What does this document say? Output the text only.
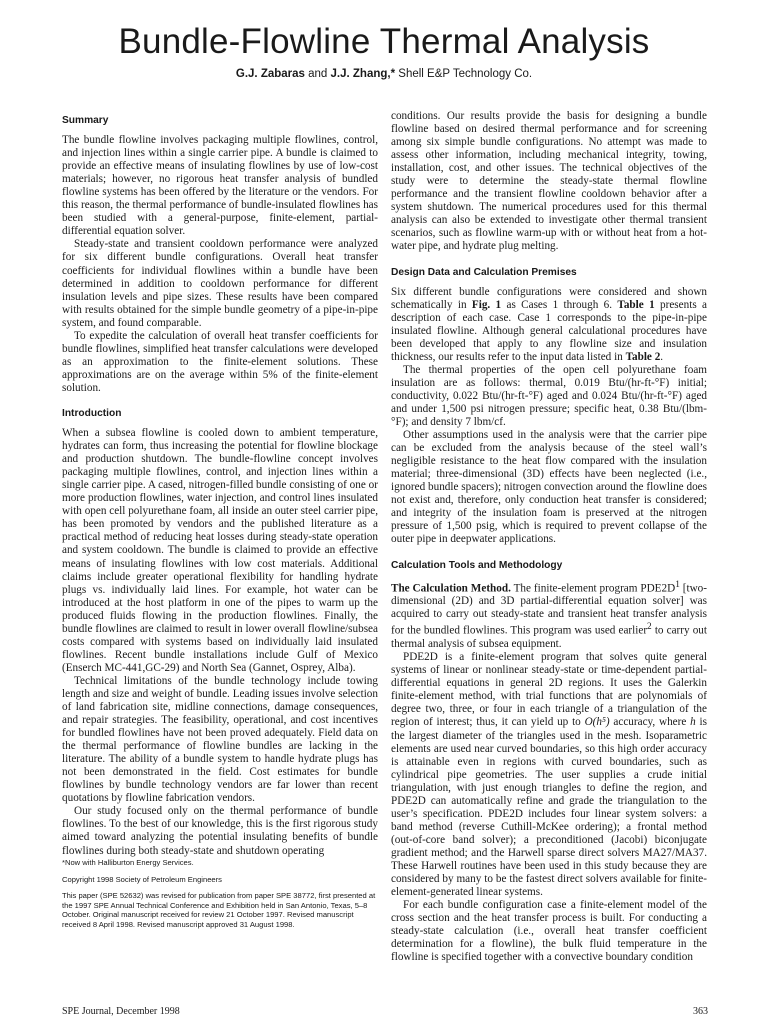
Bundle-Flowline Thermal Analysis
G.J. Zabaras and J.J. Zhang,* Shell E&P Technology Co.
Summary

The bundle flowline involves packaging multiple flowlines, control, and injection lines within a single carrier pipe. A bundle is claimed to provide an effective means of insulating flowlines by use of low-cost materials; however, no rigorous heat transfer analysis of bundled flowline systems has been offered by the literature or the vendors. For this reason, the thermal performance of bundle-insulated flowlines has been studied with a general-purpose, finite-element, partial-differential equation solver.

Steady-state and transient cooldown performance were analyzed for six different bundle configurations. Overall heat transfer coefficients for individual flowlines within a bundle have been determined in addition to cooldown performance for different insulation levels and pipe sizes. These results have been compared with results obtained for the simple bundle geometry of a pipe-in-pipe system, and found comparable.

To expedite the calculation of overall heat transfer coefficients for bundle flowlines, simplified heat transfer calculations were developed as an approximation to the finite-element solutions. These approximations are on the average within 5% of the finite-element solution.

Introduction

When a subsea flowline is cooled down to ambient temperature, hydrates can form, thus increasing the potential for flowline blockage and production shutdown. The bundle-flowline concept involves packaging multiple flowlines, control, and injection lines within a single carrier pipe. A cased, nitrogen-filled bundle consisting of one or more production flowlines, water injection, and control lines insulated with open cell polyurethane foam, all inside an outer steel carrier pipe, has been promoted by vendors and the published literature as a practical method of reducing heat losses during steady-state operation and system cooldown. The bundle is claimed to provide an effective means of insulating flowlines with low cost materials. Additional claims include greater operational flexibility for handling hydrate plugs vs. individually laid lines. For example, hot water can be introduced at the host platform in one of the pipes to warm up the produced fluids flowing in the production flowlines. Finally, the bundle flowlines are claimed to result in lower overall flowline/subsea costs compared with systems based on individually laid insulated flowlines. Recent bundle installations include Gulf of Mexico (Enserch MC-441,GC-29) and North Sea (Gannet, Osprey, Alba).

Technical limitations of the bundle technology include towing length and size and weight of bundle. Leading issues involve selection of land fabrication site, midline connections, damage consequences, and repair strategies. The feasibility, operational, and cost incentives for bundled flowlines have not been proved adequately. Field data on the thermal performance of flowline bundles are lacking in the literature. The ability of a bundle system to handle hydrate plugs has not been demonstrated in the field. Cost estimates for bundle flowlines by bundle technology vendors are far lower than recent quotations by flowline fabrication vendors.

Our study focused only on the thermal performance of bundle flowlines. To the best of our knowledge, this is the first rigorous study aimed toward analyzing the potential insulating benefits of bundle flowlines during both steady-state and shutdown operating

*Now with Halliburton Energy Services.

Copyright 1998 Society of Petroleum Engineers

This paper (SPE 52632) was revised for publication from paper SPE 38772, first presented at the 1997 SPE Annual Technical Conference and Exhibition held in San Antonio, Texas, 5–8 October. Original manuscript received for review 21 October 1997. Revised manuscript received 8 April 1998. Revised manuscript approved 31 August 1998.

conditions. Our results provide the basis for designing a bundle flowline based on desired thermal performance and for screening among six simple bundle configurations. No attempt was made to assess other information, including mechanical integrity, towing, installation, cost, and other issues. The technical objectives of the study were to determine the steady-state thermal flowline performance and the transient flowline cooldown behavior after a system shutdown. The numerical procedures used for this thermal analysis can also be extended to investigate other thermal transient scenarios, such as flowline warm-up with or without heat from a hot-water pipe, and hydrate plug melting.

Design Data and Calculation Premises

Six different bundle configurations were considered and shown schematically in Fig. 1 as Cases 1 through 6. Table 1 presents a description of each case. Case 1 corresponds to the pipe-in-pipe insulated flowline. Although general calculational procedures have been developed that apply to any flowline size and insulation thickness, our results refer to the input data listed in Table 2.

The thermal properties of the open cell polyurethane foam insulation are as follows: thermal, 0.019 Btu/(hr-ft-°F) initial; conductivity, 0.022 Btu/(hr-ft-°F) aged and 0.024 Btu/(hr-ft-°F) aged and under 1,500 psi nitrogen pressure; specific heat, 0.38 Btu/(lbm-°F); and density 7 lbm/cf.

Other assumptions used in the analysis were that the carrier pipe can be excluded from the analysis because of the steel wall’s negligible resistance to the heat flow compared with the insulation material; three-dimensional (3D) effects have been neglected (i.e., ignored bundle spacers); nitrogen convection around the flowline does not exist and, therefore, only conduction heat transfer is considered; and integrity of the insulation foam is preserved at the nitrogen pressure of 1,500 psig, which is required to prevent collapse of the outer pipe in deepwater applications.

Calculation Tools and Methodology

The Calculation Method. The finite-element program $PDE2D^1$ [two-dimensional (2D) and 3D partial-differential equation solver] was acquired to carry out steady-state and transient heat transfer analysis for the bundled flowlines. This program was used earlier$^2$ to carry out thermal analysis of subsea equipment.

PDE2D is a finite-element program that solves quite general systems of linear or nonlinear steady-state or time-dependent partial-differential equations in general 2D regions. It uses the Galerkin finite-element method, with trial functions that are polynomials of degree two, three, or four in each triangle of a triangulation of the region of interest; thus, it can yield up to O(h⁵) accuracy, where h is the largest diameter of the triangles used in the mesh. Isoparametric elements are used near curved boundaries, so this high order accuracy is attainable even in regions with curved boundaries, such as cylindrical pipe geometries. The user supplies a crude initial triangulation, with just enough triangles to define the region, and PDE2D can automatically refine and grade the triangulation to the user’s specification. PDE2D includes four linear system solvers: a band method (reverse Cuthill-McKee ordering); a frontal method (out-of-core band solver); a preconditioned (Jacobi) biconjugate gradient method; and the Harwell sparse direct solvers MA27/MA37. These Harwell routines have been used in this study because they are considered by many to be the fastest direct solvers available for finite-element-generated linear systems.

For each bundle configuration case a finite-element model of the cross section and the heat transfer process is built. For conducting a steady-state calculation (i.e., overall heat transfer coefficient determination for a flowline), the bulk fluid temperature in the flowline is specified together with a convective boundary condition

SPE Journal, December 1998	363
